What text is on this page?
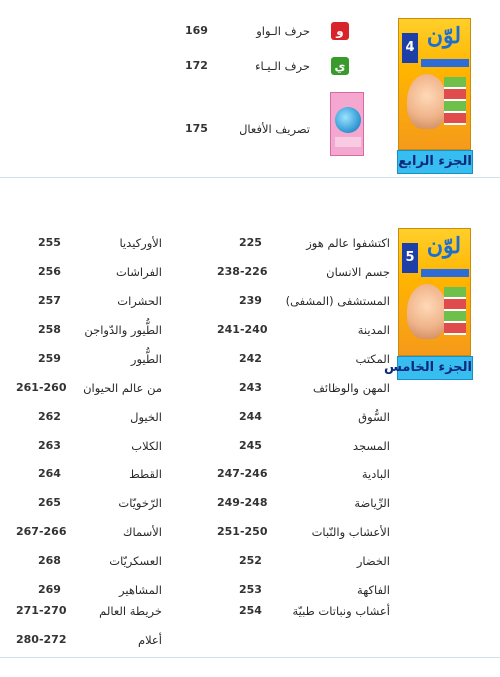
4 لوّن
الجزء الرابع
و
حرف الـواو
169
ي
حرف الـيـاء
172
تصريف الأفعال
175
5 لوّن
الجزء الخامس
اكتشفوا عالم هوز
225
جسم الانسان
238-226
المستشفى (المشفى)
239
المدينة
241-240
المكتب
242
المهن والوظائف
243
السُّوق
244
المسجد
245
البادية
247-246
الرِّياضة
249-248
الأعشاب والنّبات
251-250
الخضار
252
الفاكهة
253
أعشاب ونباتات طبيّة
254
الأوركيديا
255
الفراشات
256
الحشرات
257
الطُّيور والدّواجن
258
الطُّيور
259
من عالم الحيوان
261-260
الخيول
262
الكلاب
263
القطط
264
الرّخويّات
265
الأسماك
267-266
العسكريّات
268
المشاهير
269
خريطة العالم
271-270
أعلام
280-272
